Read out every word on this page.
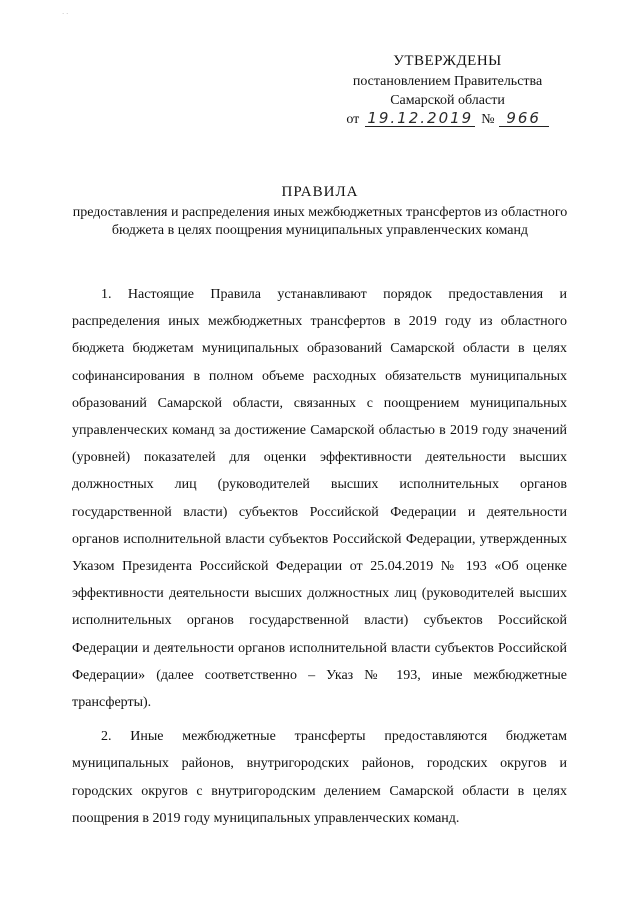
` `
УТВЕРЖДЕНЫ
постановлением Правительства
Самарской области
от 19.12.2019 № 966
ПРАВИЛА
предоставления и распределения иных межбюджетных трансфертов из областного бюджета в целях поощрения муниципальных управленческих команд

1. Настоящие Правила устанавливают порядок предоставления и распределения иных межбюджетных трансфертов в 2019 году из областного бюджета бюджетам муниципальных образований Самарской области в целях софинансирования в полном объеме расходных обязательств муниципальных образований Самарской области, связанных с поощрением муниципальных управленческих команд за достижение Самарской областью в 2019 году значений (уровней) показателей для оценки эффективности деятельности высших должностных лиц (руководителей высших исполнительных органов государственной власти) субъектов Российской Федерации и деятельности органов исполнительной власти субъектов Российской Федерации, утвержденных Указом Президента Российской Федерации от 25.04.2019 № 193 «Об оценке эффективности деятельности высших должностных лиц (руководителей высших исполнительных органов государственной власти) субъектов Российской Федерации и деятельности органов исполнительной власти субъектов Российской Федерации» (далее соответственно – Указ № 193, иные межбюджетные трансферты).

2. Иные межбюджетные трансферты предоставляются бюджетам муниципальных районов, внутригородских районов, городских округов и городских округов с внутригородским делением Самарской области в целях поощрения в 2019 году муниципальных управленческих команд.
